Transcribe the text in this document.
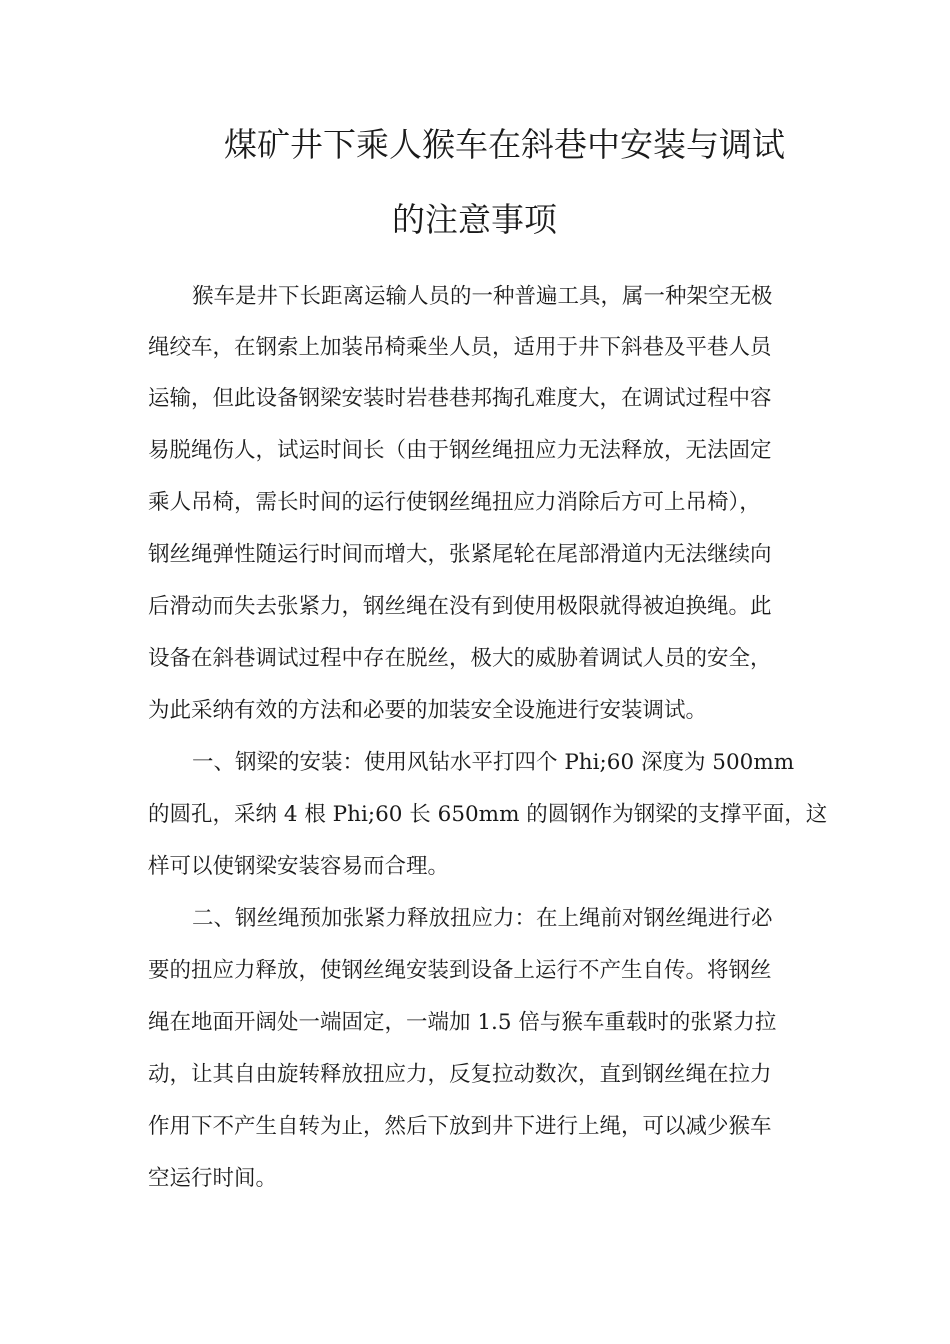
煤矿井下乘人猴车在斜巷中安装与调试
的注意事项
猴车是井下长距离运输人员的一种普遍工具，属一种架空无极
绳绞车，在钢索上加装吊椅乘坐人员，适用于井下斜巷及平巷人员
运输，但此设备钢梁安装时岩巷巷邦掏孔难度大，在调试过程中容
易脱绳伤人，试运时间长（由于钢丝绳扭应力无法释放，无法固定
乘人吊椅，需长时间的运行使钢丝绳扭应力消除后方可上吊椅），
钢丝绳弹性随运行时间而增大，张紧尾轮在尾部滑道内无法继续向
后滑动而失去张紧力，钢丝绳在没有到使用极限就得被迫换绳。此
设备在斜巷调试过程中存在脱丝，极大的威胁着调试人员的安全，
为此采纳有效的方法和必要的加装安全设施进行安装调试。
一、钢梁的安装：使用风钻水平打四个 Phi;60 深度为 500mm
的圆孔，采纳 4 根 Phi;60 长 650mm 的圆钢作为钢梁的支撑平面，这
样可以使钢梁安装容易而合理。
二、钢丝绳预加张紧力释放扭应力：在上绳前对钢丝绳进行必
要的扭应力释放，使钢丝绳安装到设备上运行不产生自传。将钢丝
绳在地面开阔处一端固定，一端加 1.5 倍与猴车重载时的张紧力拉
动，让其自由旋转释放扭应力，反复拉动数次，直到钢丝绳在拉力
作用下不产生自转为止，然后下放到井下进行上绳，可以减少猴车
空运行时间。
